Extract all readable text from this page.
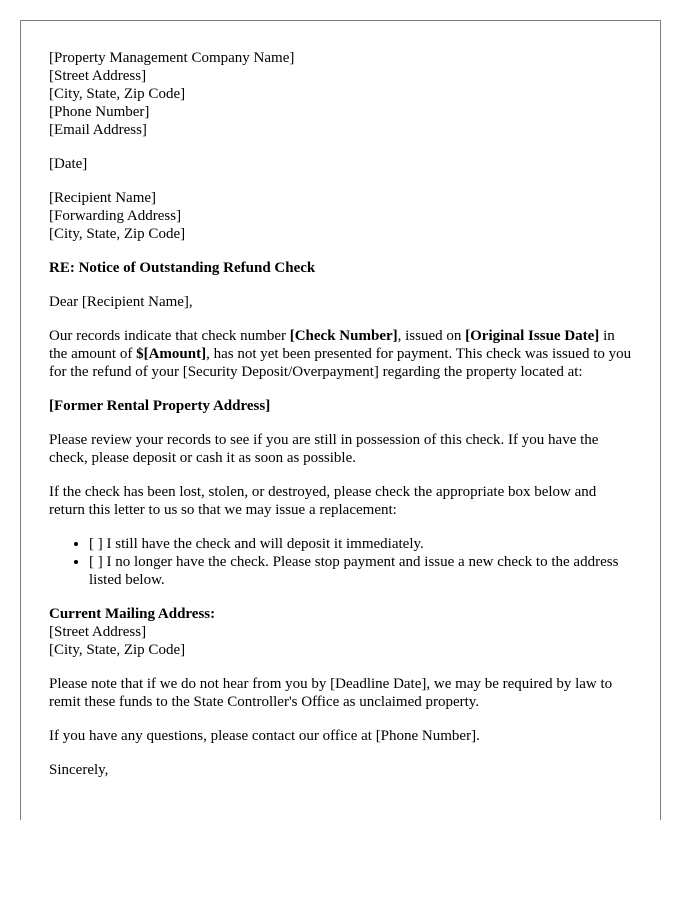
[Property Management Company Name]
[Street Address]
[City, State, Zip Code]
[Phone Number]
[Email Address]

[Date]

[Recipient Name]
[Forwarding Address]
[City, State, Zip Code]

RE: Notice of Outstanding Refund Check

Dear [Recipient Name],

Our records indicate that check number [Check Number], issued on [Original Issue Date] in the amount of $[Amount], has not yet been presented for payment. This check was issued to you for the refund of your [Security Deposit/Overpayment] regarding the property located at:

[Former Rental Property Address]

Please review your records to see if you are still in possession of this check. If you have the check, please deposit or cash it as soon as possible.

If the check has been lost, stolen, or destroyed, please check the appropriate box below and return this letter to us so that we may issue a replacement:

• [ ] I still have the check and will deposit it immediately.
• [ ] I no longer have the check. Please stop payment and issue a new check to the address listed below.
Current Mailing Address:
[Street Address]
[City, State, Zip Code]

Please note that if we do not hear from you by [Deadline Date], we may be required by law to remit these funds to the State Controller's Office as unclaimed property.

If you have any questions, please contact our office at [Phone Number].

Sincerely,
